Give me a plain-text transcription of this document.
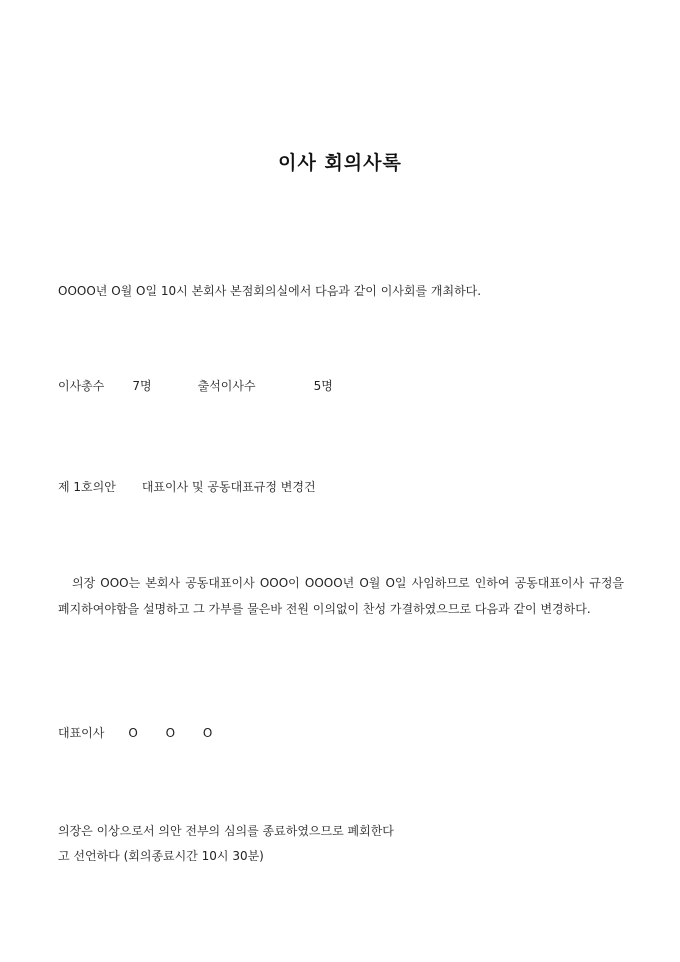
이사 회의사록
OOOO년 O월 O일 10시 본회사 본점회의실에서 다음과 같이 이사회를 개최하다.
이사총수 7명	출석이사수	5명
제 1호의안 대표이사 및 공동대표규정 변경건
의장 OOO는 본회사 공동대표이사 OOO이 OOOO년 O월 O일 사임하므로 인하여 공동대표이사 규정을 폐지하여야함을 설명하고 그 가부를 물은바 전원 이의없이 찬성 가결하였으므로 다음과 같이 변경하다.
대표이사 O O O
의장은 이상으로서 의안 전부의 심의를 종료하였으므로 폐회한다
고 선언하다 (회의종료시간 10시 30분)
